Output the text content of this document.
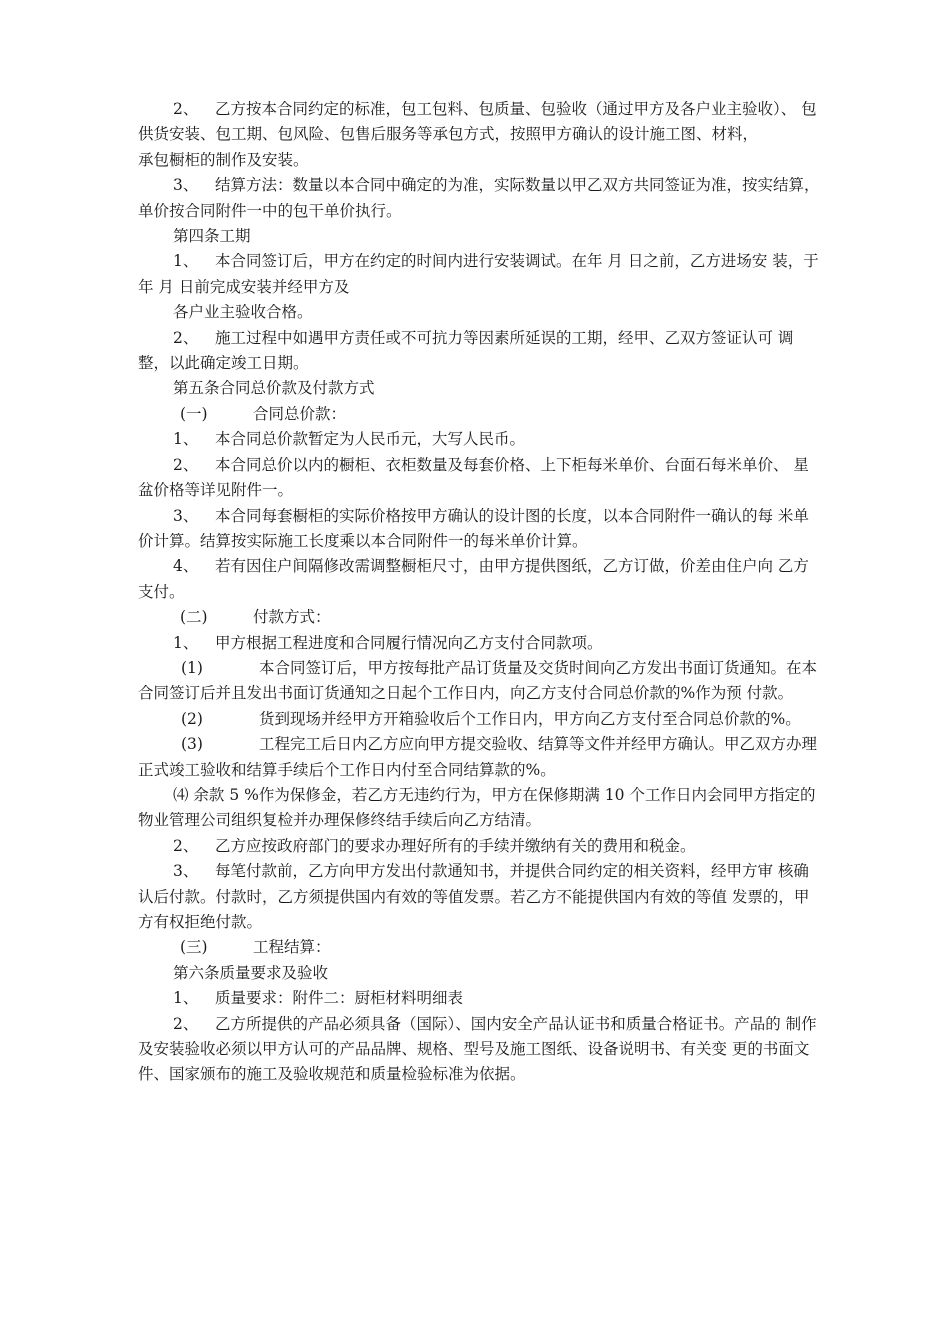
2、 乙方按本合同约定的标准，包工包料、包质量、包验收（通过甲方及各户业主验收）、 包供货安装、包工期、包风险、包售后服务等承包方式，按照甲方确认的设计施工图、材料，

承包橱柜的制作及安装。

3、 结算方法：数量以本合同中确定的为准，实际数量以甲乙双方共同签证为准，按实结算，单价按合同附件一中的包干单价执行。

第四条工期

1、 本合同签订后，甲方在约定的时间内进行安装调试。在年 月 日之前，乙方进场安 装，于年 月 日前完成安装并经甲方及

各户业主验收合格。

2、 施工过程中如遇甲方责任或不可抗力等因素所延误的工期，经甲、乙双方签证认可 调整，以此确定竣工日期。

第五条合同总价款及付款方式

(一)	合同总价款：

1、 本合同总价款暂定为人民币元，大写人民币。

2、 本合同总价以内的橱柜、衣柜数量及每套价格、上下柜每米单价、台面石每米单价、 星盆价格等详见附件一。

3、 本合同每套橱柜的实际价格按甲方确认的设计图的长度，以本合同附件一确认的每 米单价计算。结算按实际施工长度乘以本合同附件一的每米单价计算。

4、 若有因住户间隔修改需调整橱柜尺寸，由甲方提供图纸，乙方订做，价差由住户向 乙方支付。

(二)	付款方式：

1、 甲方根据工程进度和合同履行情况向乙方支付合同款项。

(1)	本合同签订后，甲方按每批产品订货量及交货时间向乙方发出书面订货通知。在本 合同签订后并且发出书面订货通知之日起个工作日内，向乙方支付合同总价款的%作为预 付款。

(2)	货到现场并经甲方开箱验收后个工作日内，甲方向乙方支付至合同总价款的%。

(3)	工程完工后日内乙方应向甲方提交验收、结算等文件并经甲方确认。甲乙双方办理 正式竣工验收和结算手续后个工作日内付至合同结算款的%。

⑷ 余款 5 %作为保修金，若乙方无违约行为，甲方在保修期满 10 个工作日内会同甲方指定的物业管理公司组织复检并办理保修终结手续后向乙方结清。

2、 乙方应按政府部门的要求办理好所有的手续并缴纳有关的费用和税金。

3、 每笔付款前，乙方向甲方发出付款通知书，并提供合同约定的相关资料，经甲方审 核确认后付款。付款时，乙方须提供国内有效的等值发票。若乙方不能提供国内有效的等值 发票的，甲方有权拒绝付款。

(三)	工程结算：

第六条质量要求及验收

1、 质量要求：附件二：厨柜材料明细表

2、 乙方所提供的产品必须具备（国际）、国内安全产品认证书和质量合格证书。产品的 制作及安装验收必须以甲方认可的产品品牌、规格、型号及施工图纸、设备说明书、有关变 更的书面文件、国家颁布的施工及验收规范和质量检验标准为依据。
